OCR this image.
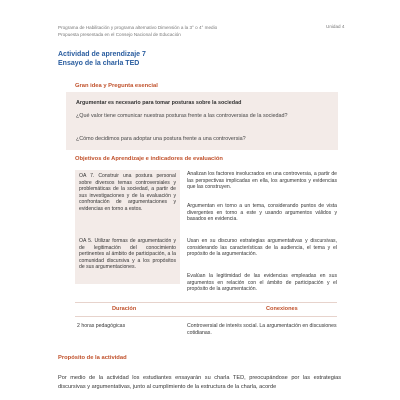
Programa de Habilitación y programa alternativo Dimensión a la 3° o 4° medio
Propuesta presentada en el Consejo Nacional de Educación
Unidad 4
Actividad de aprendizaje 7
Ensayo de la charla TED
Gran idea y Pregunta esencial
Argumentar es necesario para tomar posturas sobre la sociedad
¿Qué valor tiene comunicar nuestras posturas frente a las controversias de la sociedad?
¿Cómo decidimos para adoptar una postura frente a una controversia?
Objetivos de Aprendizaje e indicadores de evaluación
OA 7. Construir una postura personal sobre diversos temas controversiales y problemáticas de la sociedad, a partir de sus investigaciones y de la evaluación y confrontación de argumentaciones y evidencias en torno a estos.
OA 5. Utilizar formas de argumentación y de legitimación del conocimiento pertinentes al ámbito de participación, a la comunidad discursiva y a los propósitos de sus argumentaciones.
Analizan los factores involucrados en una controversia, a partir de las perspectivas implicadas en ella, los argumentos y evidencias que las construyen.
Argumentan en torno a un tema, considerando puntos de vista divergentes en torno a este y usando argumentos válidos y basados en evidencia.
Usan en su discurso estrategias argumentativas y discursivas, considerando las características de la audiencia, el tema y el propósito de la argumentación.
Evalúan la legitimidad de las evidencias empleadas en sus argumentos en relación con el ámbito de participación y el propósito de la argumentación.
Duración	Conexiones
2 horas pedagógicas	Controversial de interés social. La argumentación en discusiones cotidianas.
Propósito de la actividad
Por medio de la actividad los estudiantes ensayarán su charla TED, preocupándose por las estrategias discursivas y argumentativas, junto al cumplimiento de la estructura de la charla, acorde
